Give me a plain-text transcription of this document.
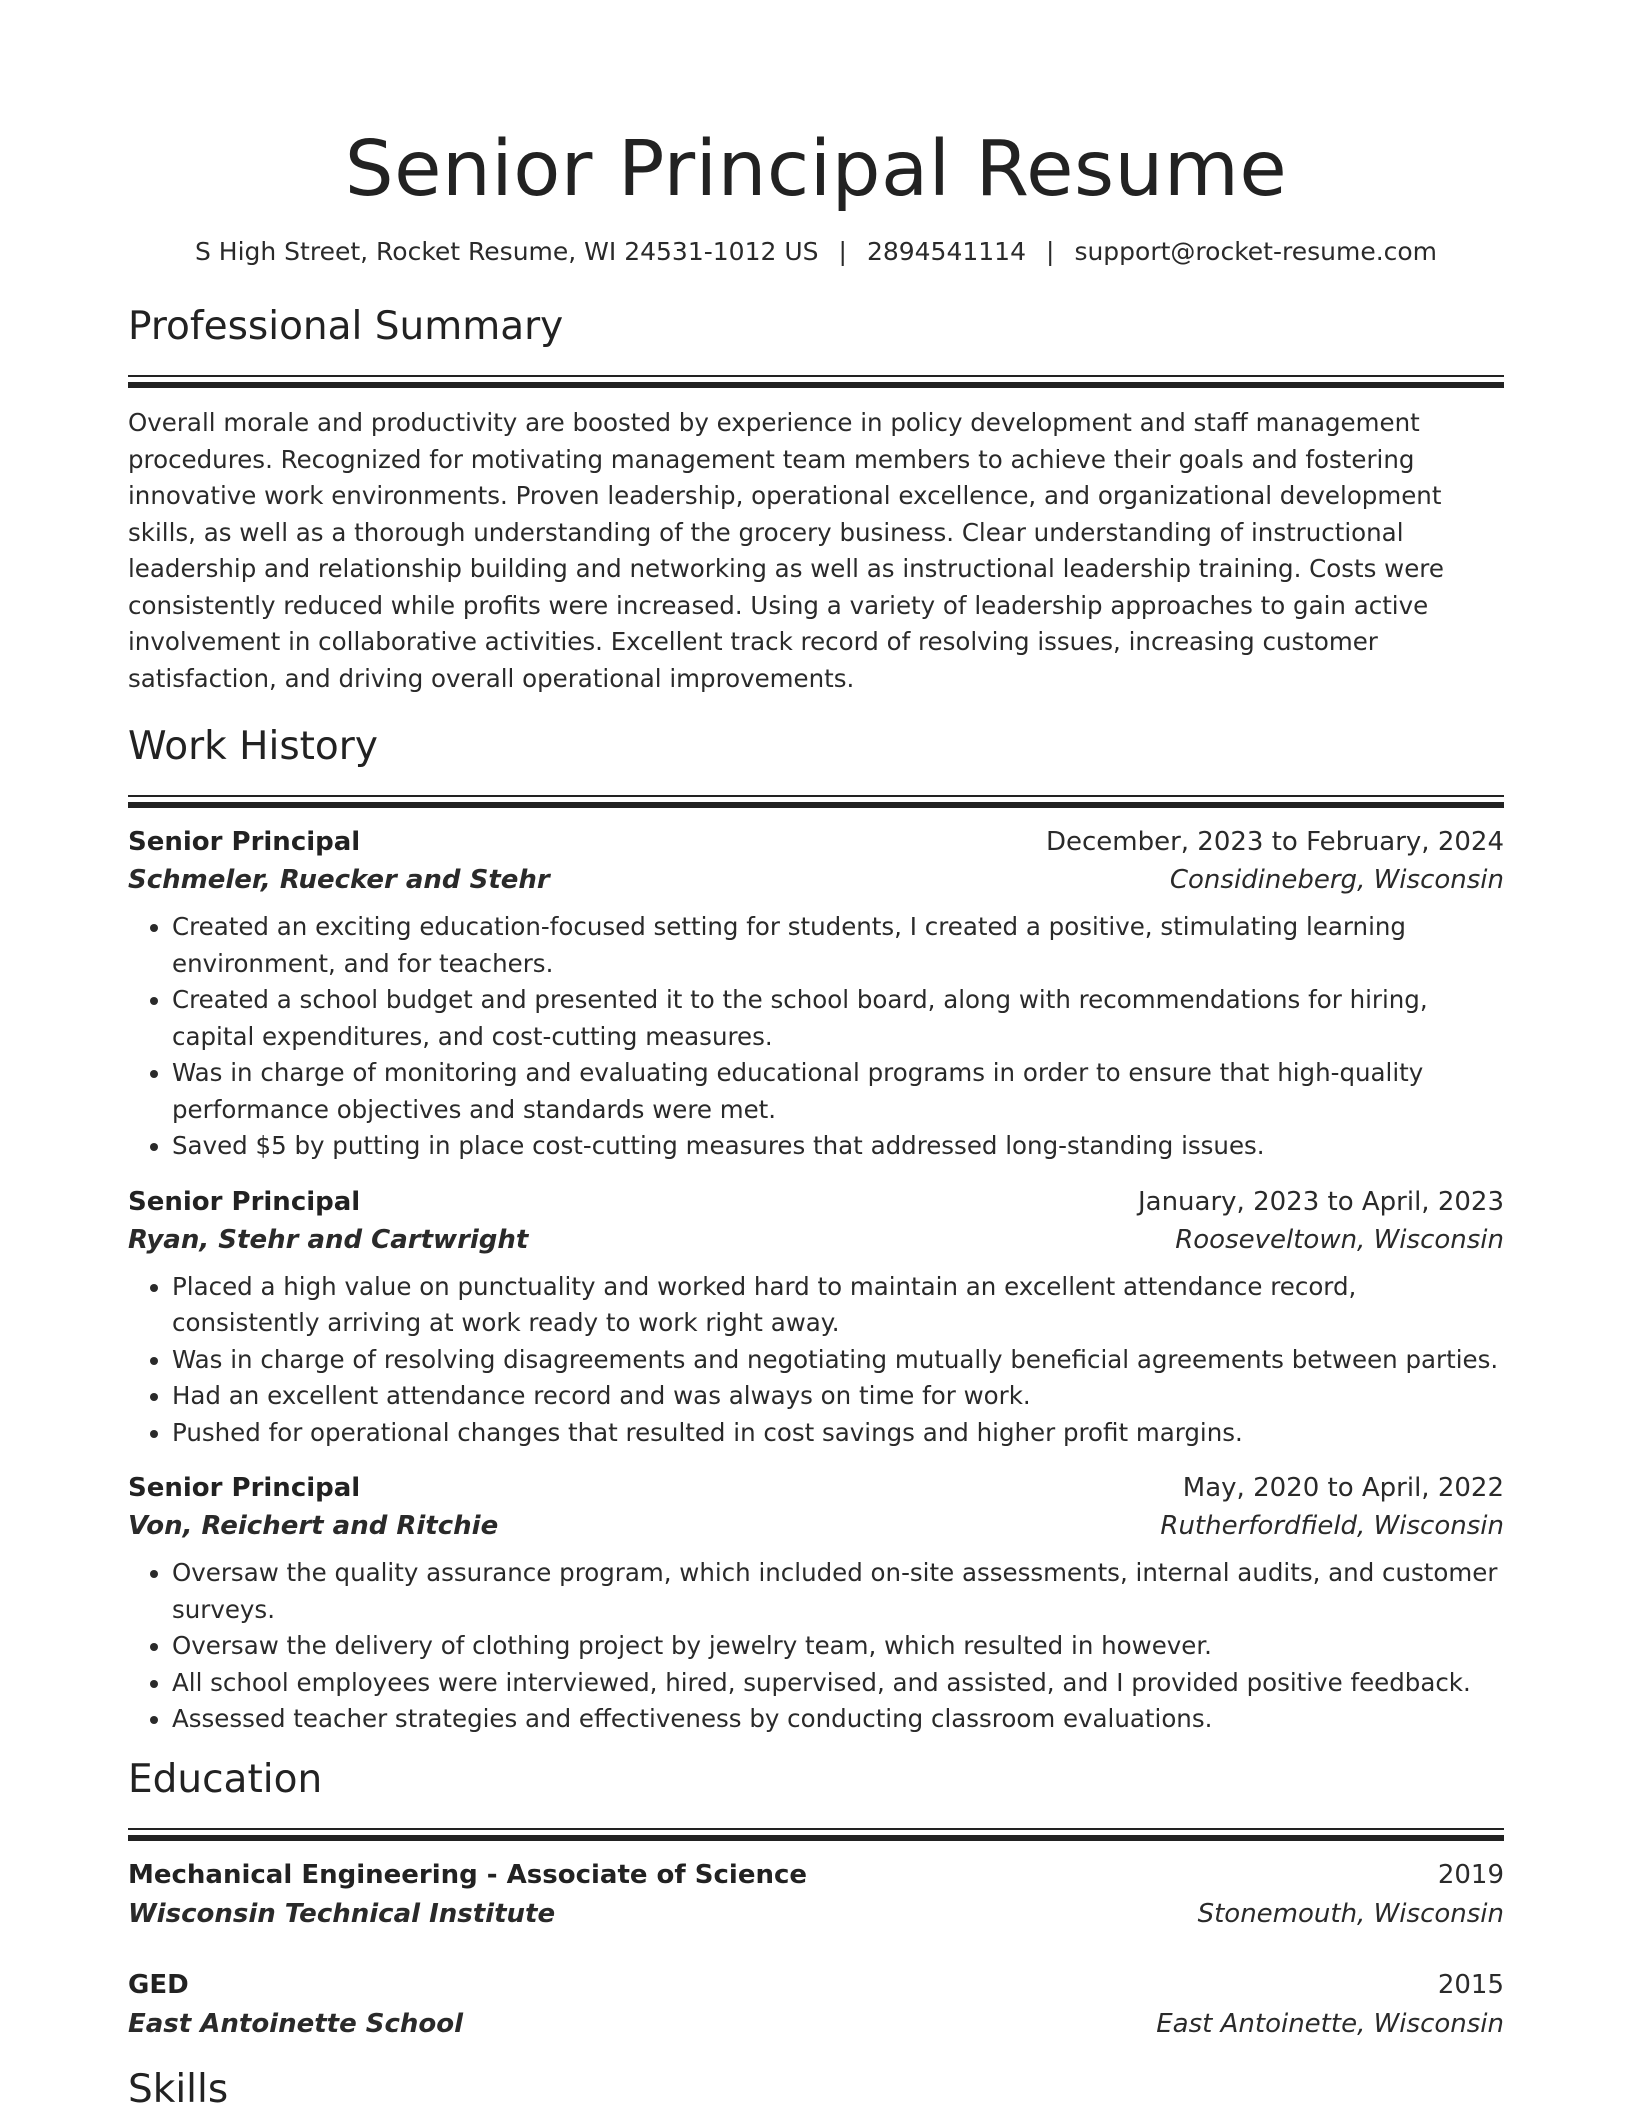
Senior Principal Resume
S High Street, Rocket Resume, WI 24531-1012 US | 2894541114 | support@rocket-resume.com
Professional Summary

Overall morale and productivity are boosted by experience in policy development and staff management procedures. Recognized for motivating management team members to achieve their goals and fostering innovative work environments. Proven leadership, operational excellence, and organizational development skills, as well as a thorough understanding of the grocery business. Clear understanding of instructional leadership and relationship building and networking as well as instructional leadership training. Costs were consistently reduced while profits were increased. Using a variety of leadership approaches to gain active involvement in collaborative activities. Excellent track record of resolving issues, increasing customer satisfaction, and driving overall operational improvements.

Work History
Senior Principal	December, 2023 to February, 2024
Schmeler, Ruecker and Stehr	Considineberg, Wisconsin
• Created an exciting education-focused setting for students, I created a positive, stimulating learning environment, and for teachers.
• Created a school budget and presented it to the school board, along with recommendations for hiring, capital expenditures, and cost-cutting measures.
• Was in charge of monitoring and evaluating educational programs in order to ensure that high-quality performance objectives and standards were met.
• Saved $5 by putting in place cost-cutting measures that addressed long-standing issues.
Senior Principal	January, 2023 to April, 2023
Ryan, Stehr and Cartwright	Rooseveltown, Wisconsin
• Placed a high value on punctuality and worked hard to maintain an excellent attendance record, consistently arriving at work ready to work right away.
• Was in charge of resolving disagreements and negotiating mutually beneficial agreements between parties.
• Had an excellent attendance record and was always on time for work.
• Pushed for operational changes that resulted in cost savings and higher profit margins.
Senior Principal	May, 2020 to April, 2022
Von, Reichert and Ritchie	Rutherfordfield, Wisconsin
• Oversaw the quality assurance program, which included on-site assessments, internal audits, and customer surveys.
• Oversaw the delivery of clothing project by jewelry team, which resulted in however.
• All school employees were interviewed, hired, supervised, and assisted, and I provided positive feedback.
• Assessed teacher strategies and effectiveness by conducting classroom evaluations.
Education
Mechanical Engineering - Associate of Science	2019
Wisconsin Technical Institute	Stonemouth, Wisconsin
GED	2015
East Antoinette School	East Antoinette, Wisconsin
Skills
